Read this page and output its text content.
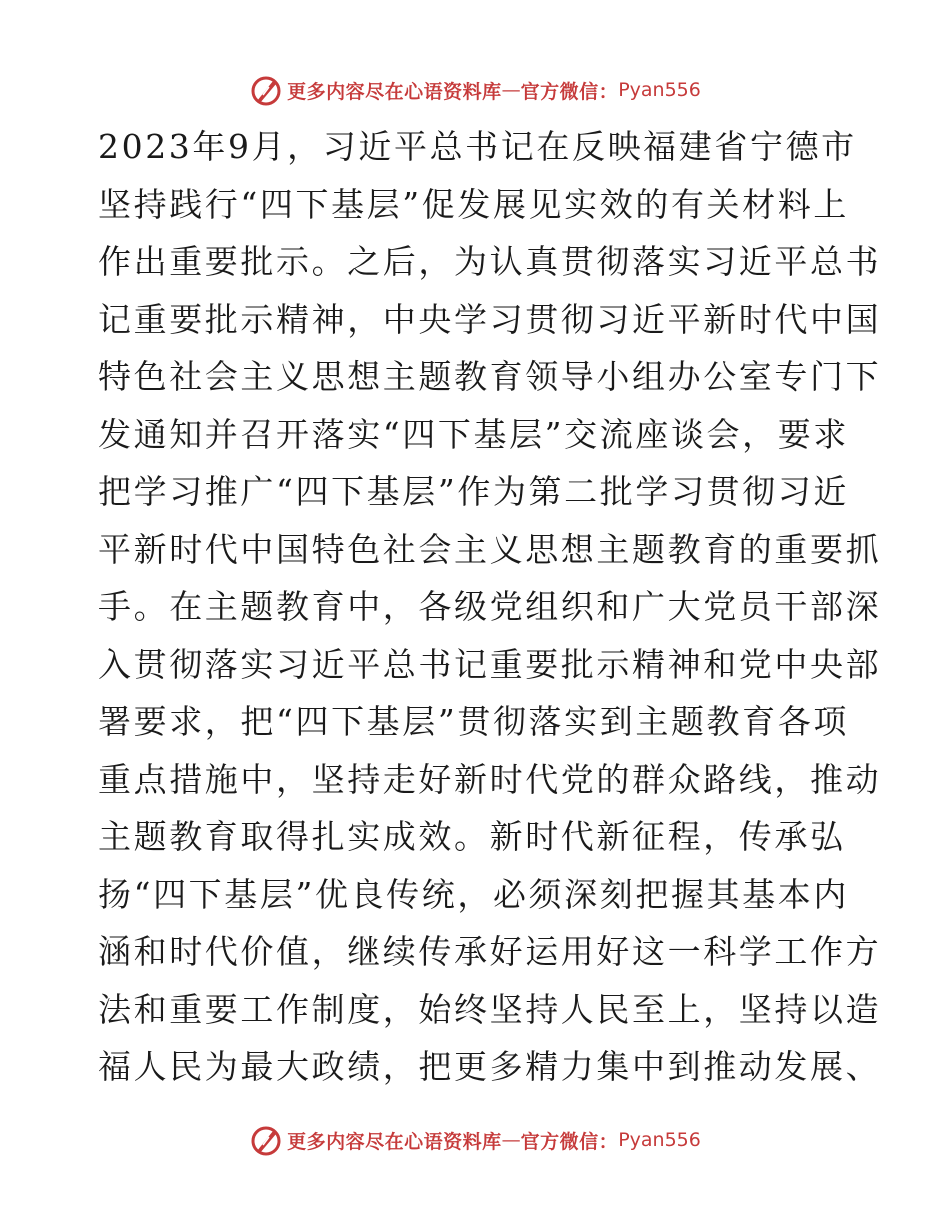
更多内容尽在心语资料库 — 官方微信： Pyan556
2023年9月，习近平总书记在反映福建省宁德市
坚持践行“四下基层”促发展见实效的有关材料上
作出重要批示。之后，为认真贯彻落实习近平总书
记重要批示精神，中央学习贯彻习近平新时代中国
特色社会主义思想主题教育领导小组办公室专门下
发通知并召开落实“四下基层”交流座谈会，要求
把学习推广“四下基层”作为第二批学习贯彻习近
平新时代中国特色社会主义思想主题教育的重要抓
手。在主题教育中，各级党组织和广大党员干部深
入贯彻落实习近平总书记重要批示精神和党中央部
署要求，把“四下基层”贯彻落实到主题教育各项
重点措施中，坚持走好新时代党的群众路线，推动
主题教育取得扎实成效。新时代新征程，传承弘
扬“四下基层”优良传统，必须深刻把握其基本内
涵和时代价值，继续传承好运用好这一科学工作方
法和重要工作制度，始终坚持人民至上，坚持以造
福人民为最大政绩，把更多精力集中到推动发展、
更多内容尽在心语资料库 — 官方微信： Pyan556
